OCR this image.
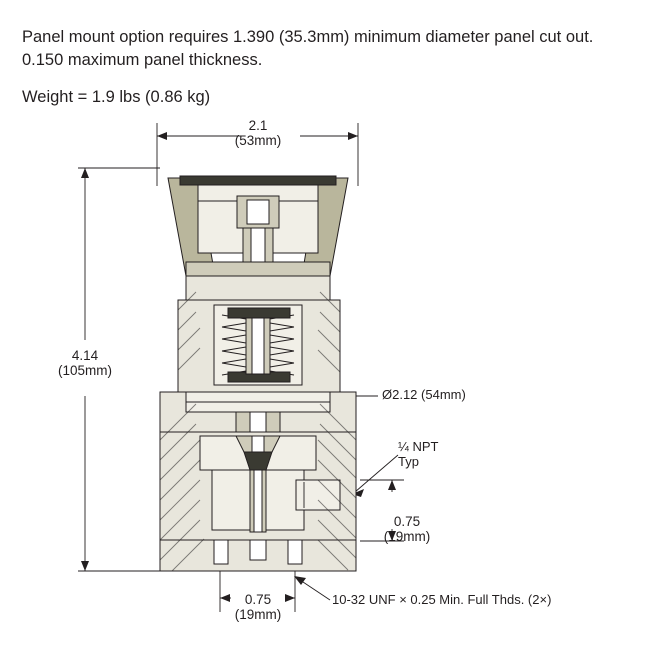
Panel mount option requires 1.390 (35.3mm) minimum diameter panel cut out. 0.150 maximum panel thickness.
Weight = 1.9 lbs (0.86 kg)
2.1
(53mm)
4.14
(105mm)
0.75
(19mm)
0.75
(19mm)
Ø2.12 (54mm)
¼ NPT
Typ
10-32 UNF × 0.25 Min. Full Thds. (2×)
